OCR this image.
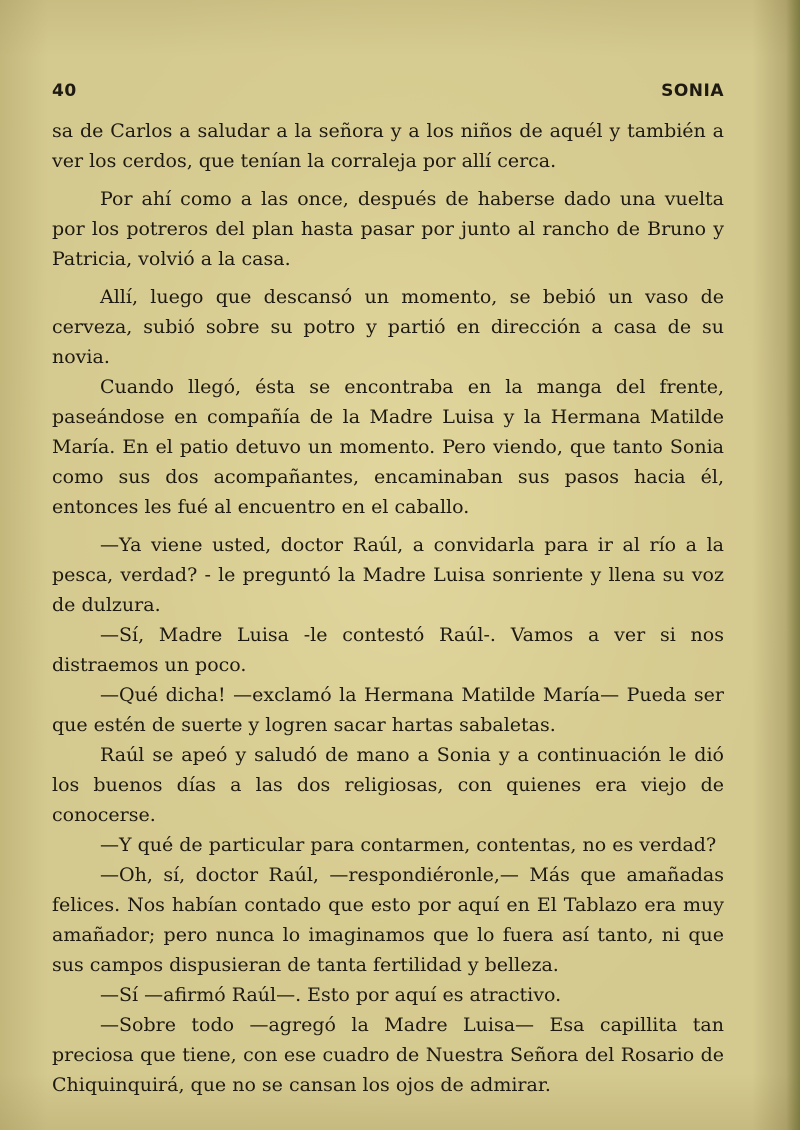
40	SONIA

sa de Carlos a saludar a la señora y a los niños de aquél y también a ver los cerdos, que tenían la corraleja por allí cerca.

Por ahí como a las once, después de haberse dado una vuelta por los potreros del plan hasta pasar por junto al rancho de Bruno y Patricia, volvió a la casa.

Allí, luego que descansó un momento, se bebió un vaso de cerveza, subió sobre su potro y partió en dirección a casa de su novia.

Cuando llegó, ésta se encontraba en la manga del frente, paseándose en compañía de la Madre Luisa y la Hermana Matilde María. En el patio detuvo un momento. Pero viendo, que tanto Sonia como sus dos acompañantes, encaminaban sus pasos hacia él, entonces les fué al encuentro en el caballo.

—Ya viene usted, doctor Raúl, a convidarla para ir al río a la pesca, verdad? - le preguntó la Madre Luisa sonriente y llena su voz de dulzura.

—Sí, Madre Luisa -le contestó Raúl-. Vamos a ver si nos distraemos un poco.

—Qué dicha! —exclamó la Hermana Matilde María— Pueda ser que estén de suerte y logren sacar hartas sabaletas.

Raúl se apeó y saludó de mano a Sonia y a continuación le dió los buenos días a las dos religiosas, con quienes era viejo de conocerse.

—Y qué de particular para contarmen, contentas, no es verdad?

—Oh, sí, doctor Raúl, —respondiéronle,— Más que amañadas felices. Nos habían contado que esto por aquí en El Tablazo era muy amañador; pero nunca lo imaginamos que lo fuera así tanto, ni que sus campos dispusieran de tanta fertilidad y belleza.

—Sí —afirmó Raúl—. Esto por aquí es atractivo.

—Sobre todo —agregó la Madre Luisa— Esa capillita tan preciosa que tiene, con ese cuadro de Nuestra Señora del Rosario de Chiquinquirá, que no se cansan los ojos de admirar.
